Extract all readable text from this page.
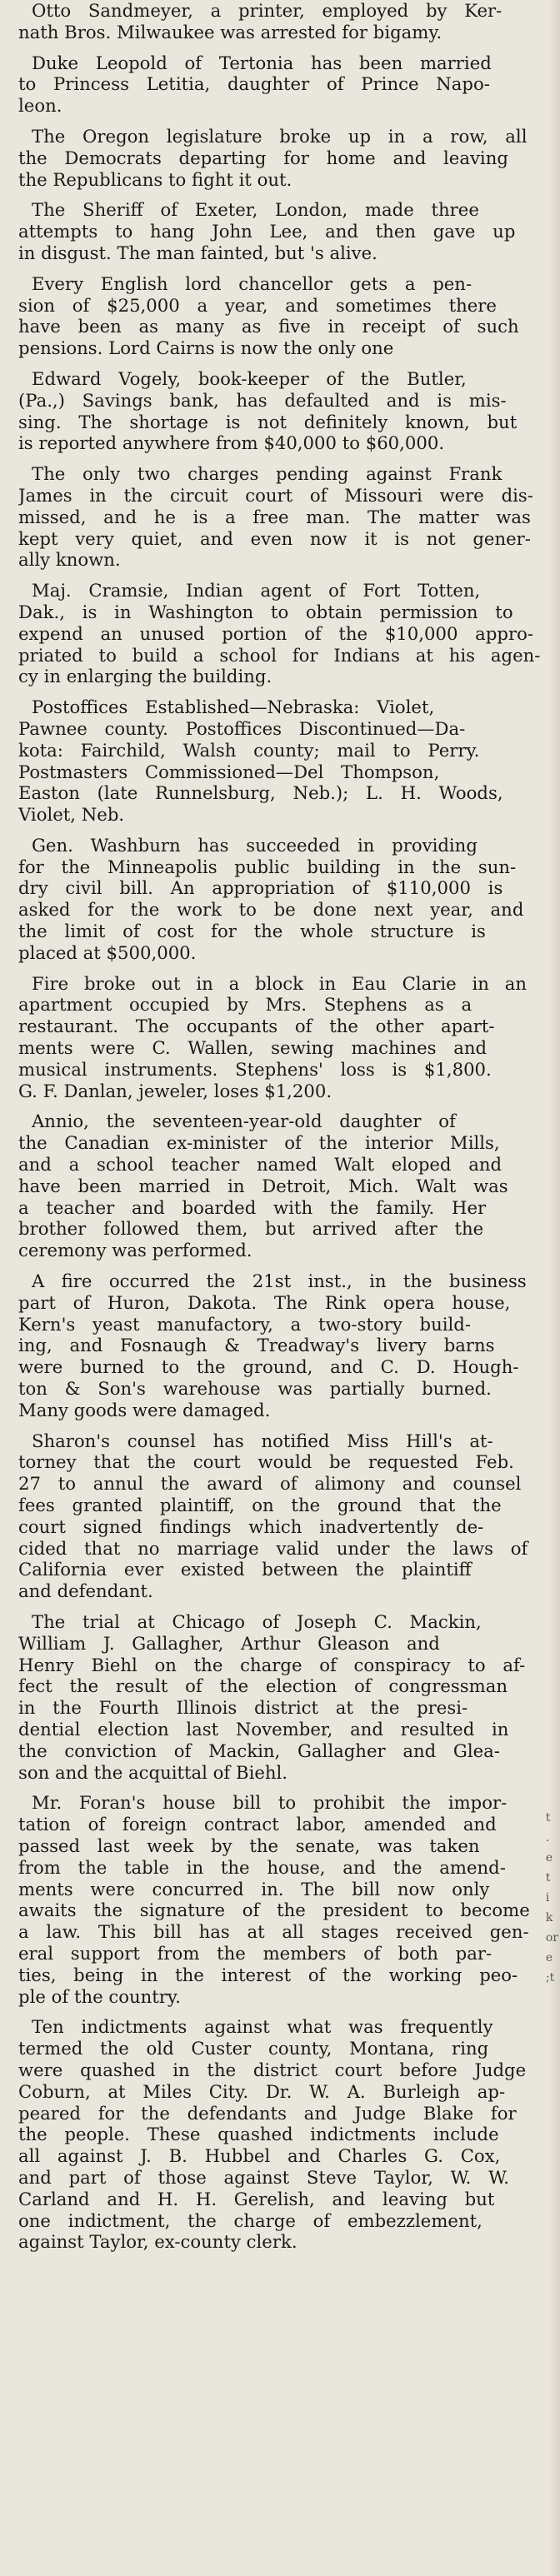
Otto Sandmeyer, a printer, employed by Ker-
nath Bros. Milwaukee was arrested for bigamy.
Duke Leopold of Tertonia has been married
to Princess Letitia, daughter of Prince Napo-
leon.
The Oregon legislature broke up in a row, all
the Democrats departing for home and leaving
the Republicans to fight it out.
The Sheriff of Exeter, London, made three
attempts to hang John Lee, and then gave up
in disgust. The man fainted, but 's alive.
Every English lord chancellor gets a pen-
sion of $25,000 a year, and sometimes there
have been as many as five in receipt of such
pensions. Lord Cairns is now the only one
Edward Vogely, book-keeper of the Butler,
(Pa.,) Savings bank, has defaulted and is mis-
sing. The shortage is not definitely known, but
is reported anywhere from $40,000 to $60,000.
The only two charges pending against Frank
James in the circuit court of Missouri were dis-
missed, and he is a free man. The matter was
kept very quiet, and even now it is not gener-
ally known.
Maj. Cramsie, Indian agent of Fort Totten,
Dak., is in Washington to obtain permission to
expend an unused portion of the $10,000 appro-
priated to build a school for Indians at his agen-
cy in enlarging the building.
Postoffices Established—Nebraska: Violet,
Pawnee county. Postoffices Discontinued—Da-
kota: Fairchild, Walsh county; mail to Perry.
Postmasters Commissioned—Del Thompson,
Easton (late Runnelsburg, Neb.); L. H. Woods,
Violet, Neb.
Gen. Washburn has succeeded in providing
for the Minneapolis public building in the sun-
dry civil bill. An appropriation of $110,000 is
asked for the work to be done next year, and
the limit of cost for the whole structure is
placed at $500,000.
Fire broke out in a block in Eau Clarie in an
apartment occupied by Mrs. Stephens as a
restaurant. The occupants of the other apart-
ments were C. Wallen, sewing machines and
musical instruments. Stephens' loss is $1,800.
G. F. Danlan, jeweler, loses $1,200.
Annio, the seventeen-year-old daughter of
the Canadian ex-minister of the interior Mills,
and a school teacher named Walt eloped and
have been married in Detroit, Mich. Walt was
a teacher and boarded with the family. Her
brother followed them, but arrived after the
ceremony was performed.
A fire occurred the 21st inst., in the business
part of Huron, Dakota. The Rink opera house,
Kern's yeast manufactory, a two-story build-
ing, and Fosnaugh & Treadway's livery barns
were burned to the ground, and C. D. Hough-
ton & Son's warehouse was partially burned.
Many goods were damaged.
Sharon's counsel has notified Miss Hill's at-
torney that the court would be requested Feb.
27 to annul the award of alimony and counsel
fees granted plaintiff, on the ground that the
court signed findings which inadvertently de-
cided that no marriage valid under the laws of
California ever existed between the plaintiff
and defendant.
The trial at Chicago of Joseph C. Mackin,
William J. Gallagher, Arthur Gleason and
Henry Biehl on the charge of conspiracy to af-
fect the result of the election of congressman
in the Fourth Illinois district at the presi-
dential election last November, and resulted in
the conviction of Mackin, Gallagher and Glea-
son and the acquittal of Biehl.
Mr. Foran's house bill to prohibit the impor-
tation of foreign contract labor, amended and
passed last week by the senate, was taken
from the table in the house, and the amend-
ments were concurred in. The bill now only
awaits the signature of the president to become
a law. This bill has at all stages received gen-
eral support from the members of both par-
ties, being in the interest of the working peo-
ple of the country.
Ten indictments against what was frequently
termed the old Custer county, Montana, ring
were quashed in the district court before Judge
Coburn, at Miles City. Dr. W. A. Burleigh ap-
peared for the defendants and Judge Blake for
the people. These quashed indictments include
all against J. B. Hubbel and Charles G. Cox,
and part of those against Steve Taylor, W. W.
Carland and H. H. Gerelish, and leaving but
one indictment, the charge of embezzlement,
against Taylor, ex-county clerk.
t
.
e
t
i
k
or
e
;t
